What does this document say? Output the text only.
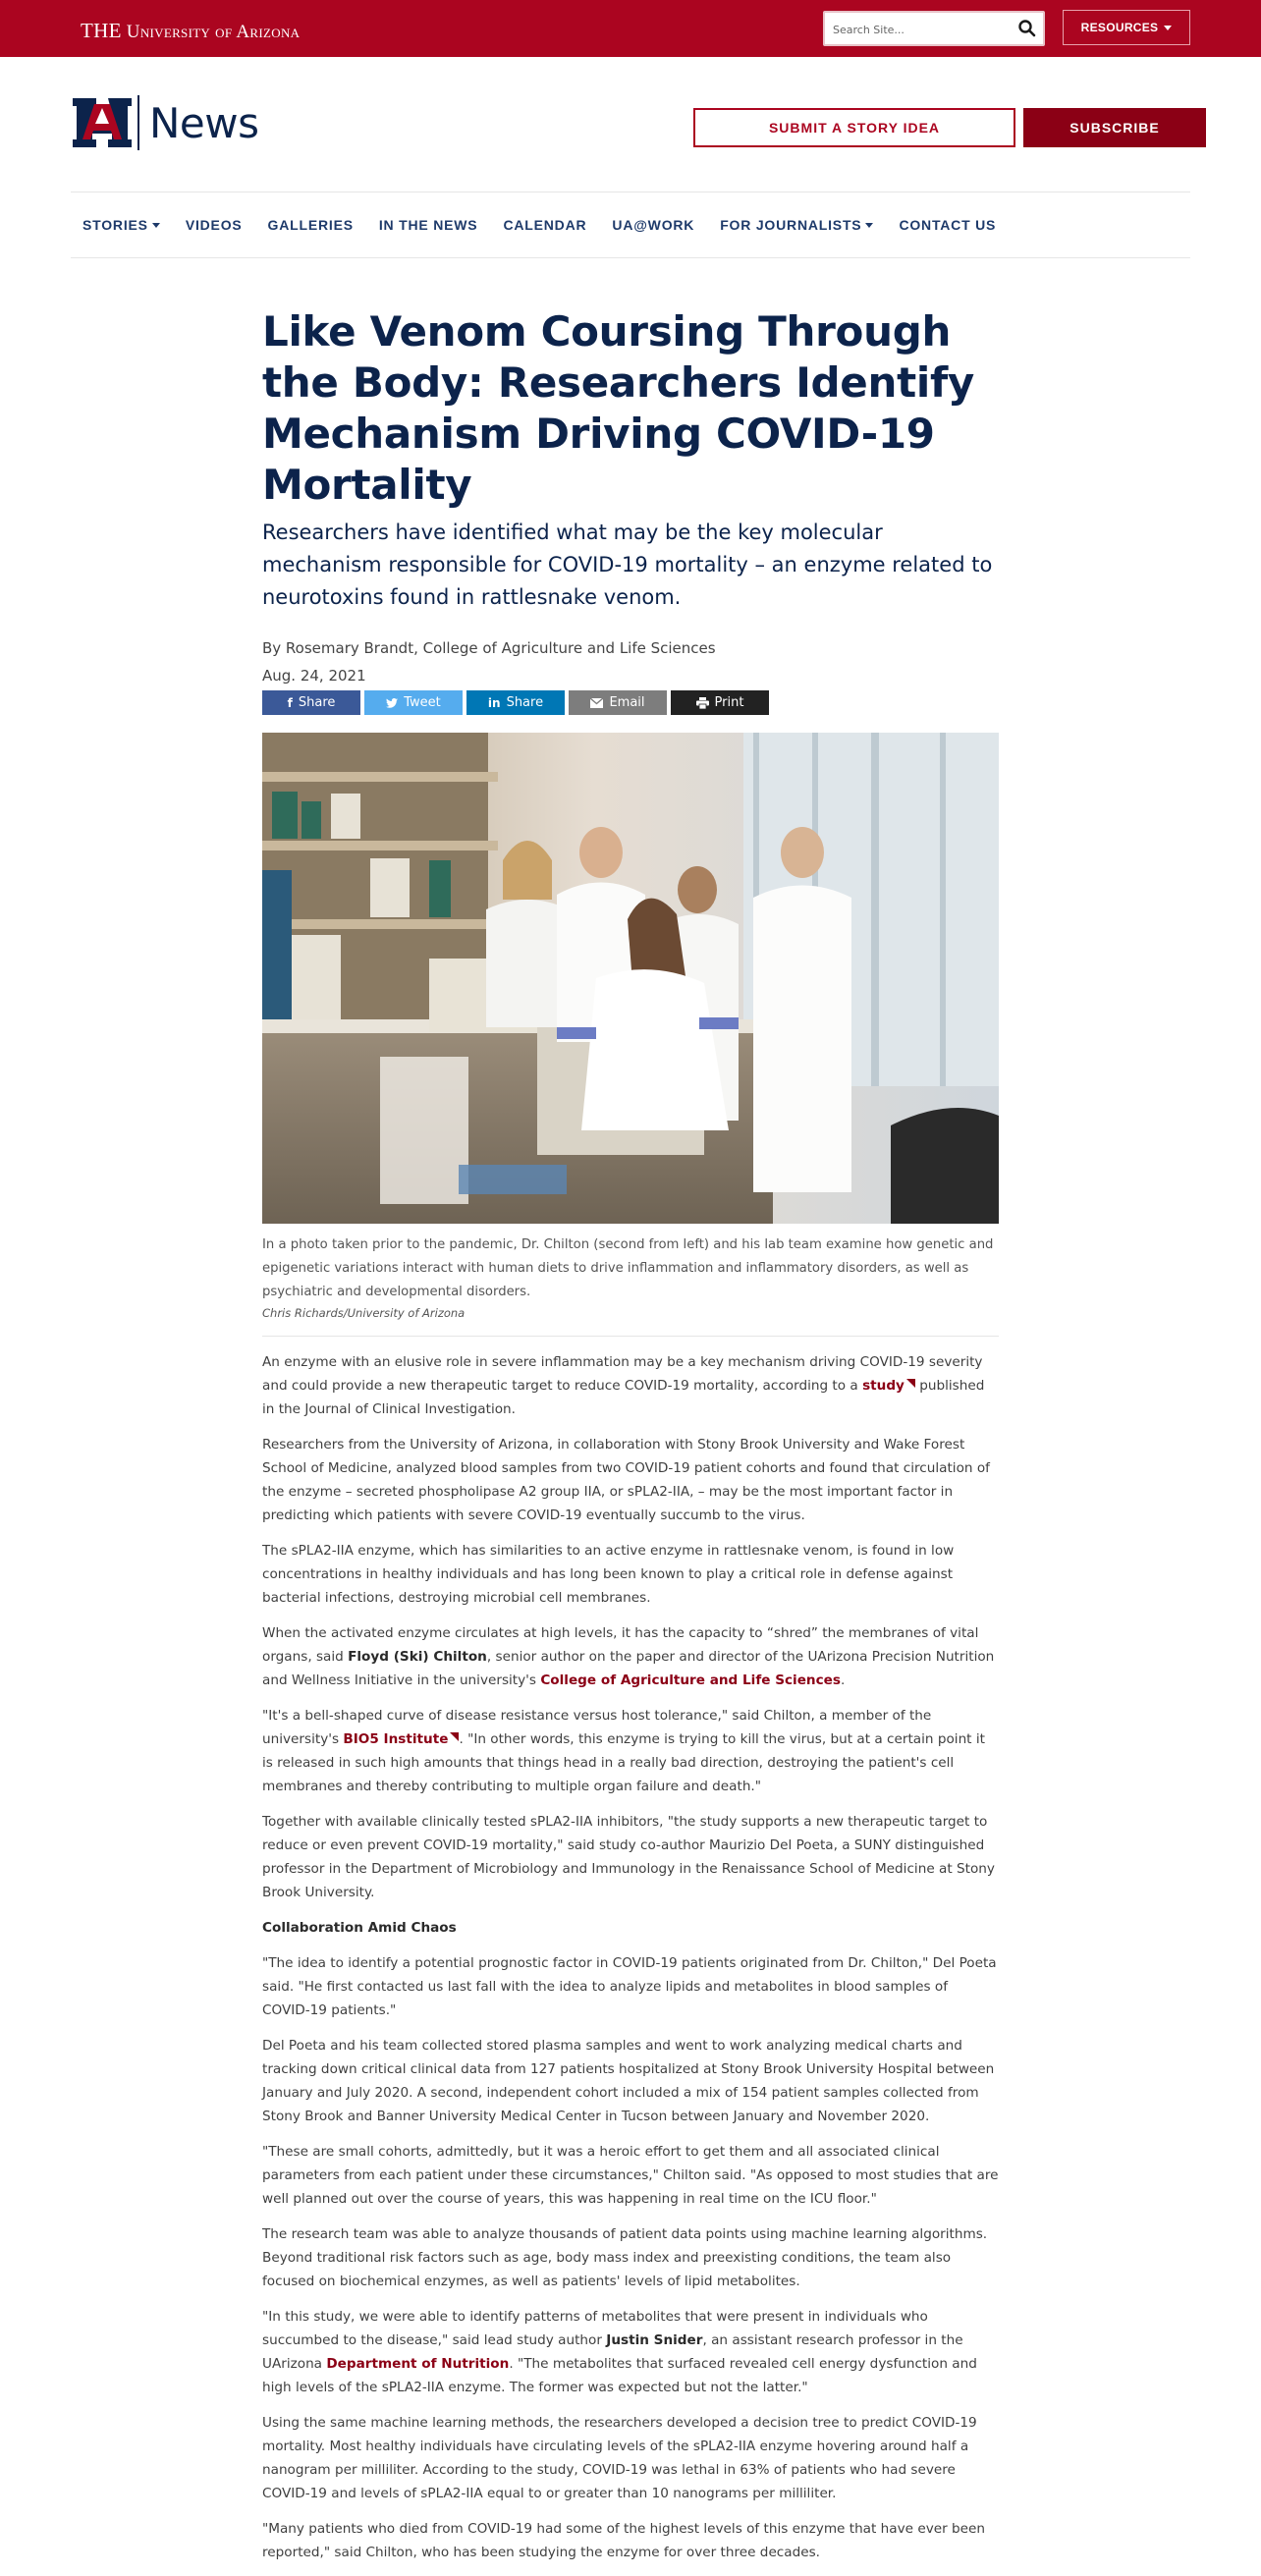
THE University of Arizona
Search Site...	RESOURCES
News	SUBMIT A STORY IDEA	SUBSCRIBE
STORIES	VIDEOS GALLERIES IN THE NEWS CALENDAR UA@WORK FOR JOURNALISTS	CONTACT US
Like Venom Coursing Through the Body: Researchers Identify Mechanism Driving COVID-19 Mortality

Researchers have identified what may be the key molecular mechanism responsible for COVID-19 mortality – an enzyme related to neurotoxins found in rattlesnake venom.

By Rosemary Brandt, College of Agriculture and Life Sciences

Aug. 24, 2021

f Share	Tweet	in Share	Email	Print

In a photo taken prior to the pandemic, Dr. Chilton (second from left) and his lab team examine how genetic and epigenetic variations interact with human diets to drive inflammation and inflammatory disorders, as well as psychiatric and developmental disorders.

Chris Richards/University of Arizona

An enzyme with an elusive role in severe inflammation may be a key mechanism driving COVID-19 severity and could provide a new therapeutic target to reduce COVID-19 mortality, according to a study published in the Journal of Clinical Investigation.

Researchers from the University of Arizona, in collaboration with Stony Brook University and Wake Forest School of Medicine, analyzed blood samples from two COVID-19 patient cohorts and found that circulation of the enzyme – secreted phospholipase A2 group IIA, or sPLA2-IIA, – may be the most important factor in predicting which patients with severe COVID-19 eventually succumb to the virus.

The sPLA2-IIA enzyme, which has similarities to an active enzyme in rattlesnake venom, is found in low concentrations in healthy individuals and has long been known to play a critical role in defense against bacterial infections, destroying microbial cell membranes.

When the activated enzyme circulates at high levels, it has the capacity to “shred” the membranes of vital organs, said Floyd (Ski) Chilton, senior author on the paper and director of the UArizona Precision Nutrition and Wellness Initiative in the university's College of Agriculture and Life Sciences.

"It's a bell-shaped curve of disease resistance versus host tolerance," said Chilton, a member of the university's BIO5 Institute . "In other words, this enzyme is trying to kill the virus, but at a certain point it is released in such high amounts that things head in a really bad direction, destroying the patient's cell membranes and thereby contributing to multiple organ failure and death."

Together with available clinically tested sPLA2-IIA inhibitors, "the study supports a new therapeutic target to reduce or even prevent COVID-19 mortality," said study co-author Maurizio Del Poeta, a SUNY distinguished professor in the Department of Microbiology and Immunology in the Renaissance School of Medicine at Stony Brook University.

Collaboration Amid Chaos

"The idea to identify a potential prognostic factor in COVID-19 patients originated from Dr. Chilton," Del Poeta said. "He first contacted us last fall with the idea to analyze lipids and metabolites in blood samples of COVID-19 patients."

Del Poeta and his team collected stored plasma samples and went to work analyzing medical charts and tracking down critical clinical data from 127 patients hospitalized at Stony Brook University Hospital between January and July 2020. A second, independent cohort included a mix of 154 patient samples collected from Stony Brook and Banner University Medical Center in Tucson between January and November 2020.

"These are small cohorts, admittedly, but it was a heroic effort to get them and all associated clinical parameters from each patient under these circumstances," Chilton said. "As opposed to most studies that are well planned out over the course of years, this was happening in real time on the ICU floor."

The research team was able to analyze thousands of patient data points using machine learning algorithms. Beyond traditional risk factors such as age, body mass index and preexisting conditions, the team also focused on biochemical enzymes, as well as patients' levels of lipid metabolites.

"In this study, we were able to identify patterns of metabolites that were present in individuals who succumbed to the disease," said lead study author Justin Snider, an assistant research professor in the UArizona Department of Nutrition. "The metabolites that surfaced revealed cell energy dysfunction and high levels of the sPLA2-IIA enzyme. The former was expected but not the latter."

Using the same machine learning methods, the researchers developed a decision tree to predict COVID-19 mortality. Most healthy individuals have circulating levels of the sPLA2-IIA enzyme hovering around half a nanogram per milliliter. According to the study, COVID-19 was lethal in 63% of patients who had severe COVID-19 and levels of sPLA2-IIA equal to or greater than 10 nanograms per milliliter.

"Many patients who died from COVID-19 had some of the highest levels of this enzyme that have ever been reported," said Chilton, who has been studying the enzyme for over three decades.
